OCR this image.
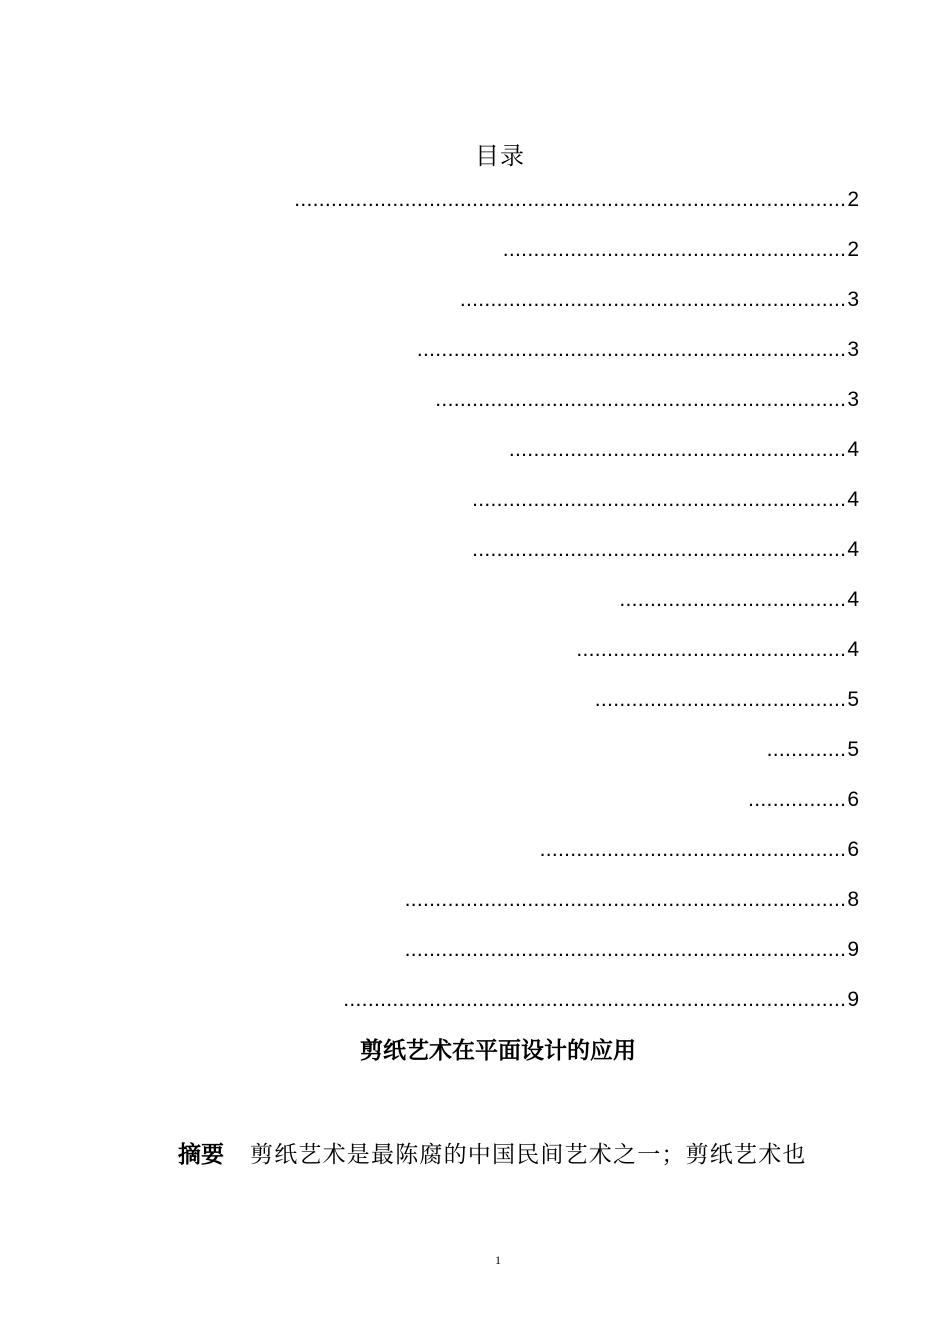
目录
.......................................................................................... 2
........................................................ 2
............................................................... 3
...................................................................... 3
................................................................... 3
....................................................... 4
............................................................. 4
............................................................. 4
..................................... 4
............................................ 4
......................................... 5
............. 5
................ 6
.................................................. 6
........................................................................ 8
........................................................................ 9
.................................................................................. 9
剪纸艺术在平面设计的应用
摘要 剪纸艺术是最陈腐的中国民间艺术之一；剪纸艺术也
1
